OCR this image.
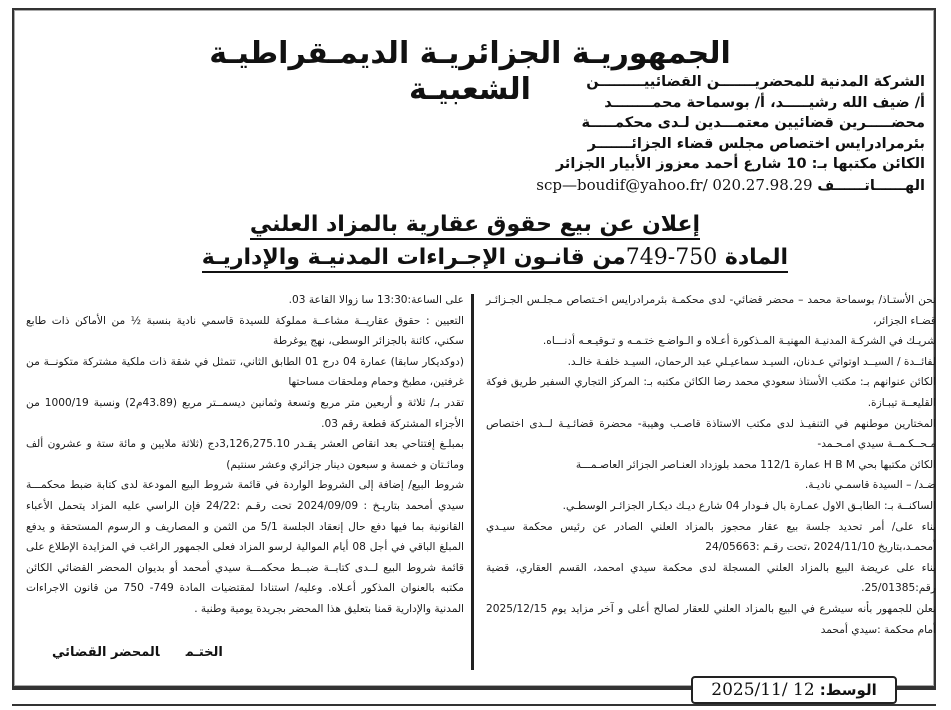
الجمهوريـة الجزائريـة الديمـقراطيـة الشعبيـة	الشركة المدنية للمحضريـــــــن القضائييـــــــــن
أ/ ضيف الله رشيـــــد، أ/ بوسماحة محمــــــــد
محضـــــرين قضائيين معتمـــدين لـدى محكمـــــة
بئرمرادرايس اختصاص مجلس قضاء الجزائـــــــر
الكائن مكتبها بـ: 10 شارع أحمد معزوز الأبيار الجزائر
الهــــــاتــــــف scp—boudif@yahoo.fr/ 020.27.98.29
إعلان عن بيع حقوق عقارية بالمزاد العلني
المادة 750-749من قانـون الإجـراءات المدنيـة والإداريـة

نحن الأستـاذ/ بوسماحة محمد – محضر قضائي- لدى محكمـة بئرمرادرايس اخـتصاص مـجلـس الجـزائـر قضـاء الجزائر،

شريـك في الشركـة المدنيـة المهنيـة المـذكورة أعـلاه و الـواضـع ختـمـه و تـوقيـعـه أدنـــاه.

لفائــدة / السيــد اوتواتي عـدنان، السيـد سماعيـلي عبد الرحمان، السيـد خلفـة خالـد.

الكائن عنوانهم بـ: مكتب الأستاذ سعودي محمد رضا الكائن مكتبه بـ: المركز التجاري السفير طريق فوكة القليعــة تيبـازة.

المختارين موطنهم في التنفيـذ لدى مكتب الاستاذة قاصـب وهيبة- محضرة قضائـيـة لــدى اختصاص مـحــكـمــة سيدي امـحـمد-

الكائن مكتبها بحي H B M عمارة 112/1 محمد بلوزداد العنـاصر الجزائر العاصـمـــة

ضـد/ – السيدة قاسمـي ناديـة.

الساكنــة بـ: الطابـق الاول عمـارة بال فـودار 04 شارع ديـك ديكـار الجزائـر الوسطـي.

بناء على/ أمر تحديد جلسة بيع عقار محجوز بالمزاد العلني الصادر عن رئيس محكمة سيـدي أمحمـد،بتاريخ 2024/11/10 ،تحت رقـم :24/05663

بناء على عريضة البيع بالمزاد العلني المسجلة لدى محكمة سيدي امحمد، القسم العقاري، قضية رقم:25/01385.

نعلن للجمهور بأنه سيشرع في البيع بالمزاد العلني للعقار لصالح أعلى و آخر مزايد يوم 2025/12/15 أمام محكمة :سيدي أمحمد

على الساعة:13:30 سا زوالا القاعة 03.

التعيين : حقوق عقاريــة مشاعــة مملوكة للسيدة قاسمي نادية بنسبة ½ من الأماكن ذات طابع سكني، كائنة بالجزائر الوسطى، نهج يوغرطة

(دوكديكار سابقا) عمارة 04 درج 01 الطابق الثاني، تتمثل في شقة ذات ملكية مشتركة متكونــة من غرفتين، مطبخ وحمام وملحقات مساحتها

تقدر بـ/ ثلاثة و أربعين متر مربع وتسعة وثمانين ديسمــتر مربع (43.89م2) ونسبة 1000/19 من الأجزاء المشتركة قطعة رقم 03.

بمبلـغ إفتتاحي بعد انقاص العشر يقـدر 3,126,275.10دج (ثلاثة ملايين و مائة ستة و عشرون ألف ومائـتان و خمسة و سبعون دينار جزائري وعشر سنتيم)

شروط البيع/ إضافة إلى الشروط الواردة في قائمة شروط البيع المودعة لدى كتابة ضبط محكمـــة سيدي أمحمد بتاريـخ : 2024/09/09 تحت رقـم :24/22 فإن الراسي عليه المزاد يتحمل الأعباء القانونية بما فيها دفع حال إنعقاد الجلسة 5/1 من الثمن و المصاريف و الرسوم المستحقة و يدفع المبلغ الباقي في أجل 08 أيام الموالية لرسو المزاد فعلى الجمهور الراغب في المزايدة الإطلاع على قائمة شروط البيع لــدى كتابــة ضبــط محكمـــة سيدي أمحمد أو بديوان المحضر القضائي الكائن مكتبه بالعنوان المذكور أعـلاه. وعليه/ استنادا لمقتضيات المادة 749- 750 من قانون الاجراءات المدنية والإدارية قمنا بتعليق هذا المحضر بجريدة يومية وطنية .

الختـمالمحضر القضائي
الوسط: 2025/11/ 12
